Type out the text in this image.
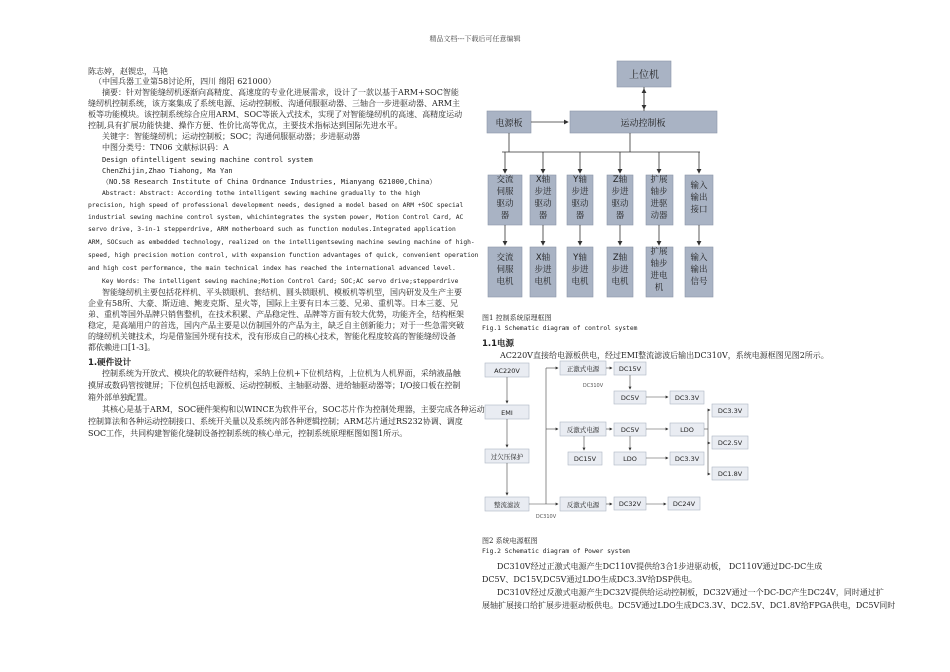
精品文档---下载后可任意编辑
陈志婷，赵锲忠，马艳
（中国兵器工业第58讨论所，四川 绵阳 621000）
摘要：针对智能缝纫机逐渐向高精度、高速度的专业化进展需求，设计了一款以基于ARM+SOC智能
缝纫机控制系统，该方案集成了系统电源、运动控制板、沟通伺服驱动器、三轴合一步进驱动器、ARM主
板等功能模块。该控制系统综合应用ARM、SOC等嵌入式技术，实现了对智能缝纫机的高速、高精度运动
控制,具有扩展功能快捷、操作方便、性价比高等优点，主要技术指标达到国际先进水平。
关键字：智能缝纫机；运动控制板；SOC；沟通伺服驱动器；步进驱动器
中图分类号：TN06 文献标识码：A
Design ofintelligent sewing machine control system
ChenZhijin,Zhao Tiahong, Ma Yan
（NO.58 Research Institute of China Ordnance Industries, Mianyang 621000,China）
Abstract: Abstract: According tothe intelligent sewing machine gradually to the high
precision, high speed of professional development needs, designed a model based on ARM +SOC special
industrial sewing machine control system, whichintegrates the system power, Motion Control Card, AC
servo drive, 3-in-1 stepperdrive, ARM motherboard such as function modules.Integrated application
ARM, SOCsuch as embedded technology, realized on the intelligentsewing machine sewing machine of high-
speed, high precision motion control, with expansion function advantages of quick, convenient operation
and high cost performance, the main technical index has reached the international advanced level.
Key Words: The intelligent sewing machine;Motion Control Card; SOC;AC servo drive;stepperdrive
智能缝纫机主要包括花样机、平头锁眼机、套结机、圆头锁眼机、模板机等机型，国内研发及生产主要
企业有58所、大豪、斯迈迪、鲍麦克斯、星火等，国际上主要有日本三菱、兄弟、重机等。日本三菱、兄
弟、重机等国外品牌只销售整机，在技术积累、产品稳定性、品牌等方面有较大优势，功能齐全，结构框架
稳定，是高端用户的首选，国内产品主要是以仿制国外的产品为主，缺乏自主创新能力；对于一些急需突破
的缝纫机关键技术，均是借鉴国外现有技术，没有形成自己的核心技术，智能化程度较高的智能缝纫设备
都依赖进口[1-3]。
1.硬件设计
控制系统为开放式、模块化的软硬件结构，采纳上位机+下位机结构，上位机为人机界面，采纳液晶触
摸屏或数码管按键屏；下位机包括电源板、运动控制板、主轴驱动器、进给轴驱动器等；I/O接口板在控制
箱外部单独配置。
其核心是基于ARM，SOC硬件架构和以WINCE为软件平台，SOC芯片作为控制处理器，主要完成各种运动
控制算法和各种运动控制接口、系统开关量以及系统内部各种逻辑控制；ARM芯片通过RS232协调、调度
SOC工作，共同构建智能化缝制设备控制系统的核心单元，控制系统原理框图如图1所示。
上位机
电源板	运动控制板
交流伺服驱动器
X轴步进驱动器
Y轴步进驱动器
Z轴步进驱动器
扩展轴步进驱动器
输入输出接口
交流伺服电机
X轴步进电机
Y轴步进电机
Z轴步进电机
扩展轴步进电机
输入输出信号
图1 控制系统原理框图
Fig.1 Schematic diagram of control system
1.1电源
AC220V直接给电源板供电，经过EMI整流滤波后输出DC310V，系统电源框图见图2所示。
AC220V
EMI
过欠压保护
整流滤波
正激式电源
反激式电源
反激式电源
DC15V
DC5V	DC3.3V
DC5V	LDO
DC15V	LDO	DC3.3V
DC32V	DC24V
DC3.3V
DC2.5V
DC1.8V
DC310V
DC310V
图2 系统电源框图
Fig.2 Schematic diagram of Power system
DC310V经过正激式电源产生DC110V提供给3合1步进驱动板， DC110V通过DC-DC生成
DC5V、DC15V,DC5V通过LDO生成DC3.3V给DSP供电。
DC310V经过反激式电源产生DC32V提供给运动控制板，DC32V通过一个DC-DC产生DC24V，同时通过扩
展轴扩展接口给扩展步进驱动板供电。DC5V通过LDO生成DC3.3V、DC2.5V、DC1.8V给FPGA供电，DC5V同时
